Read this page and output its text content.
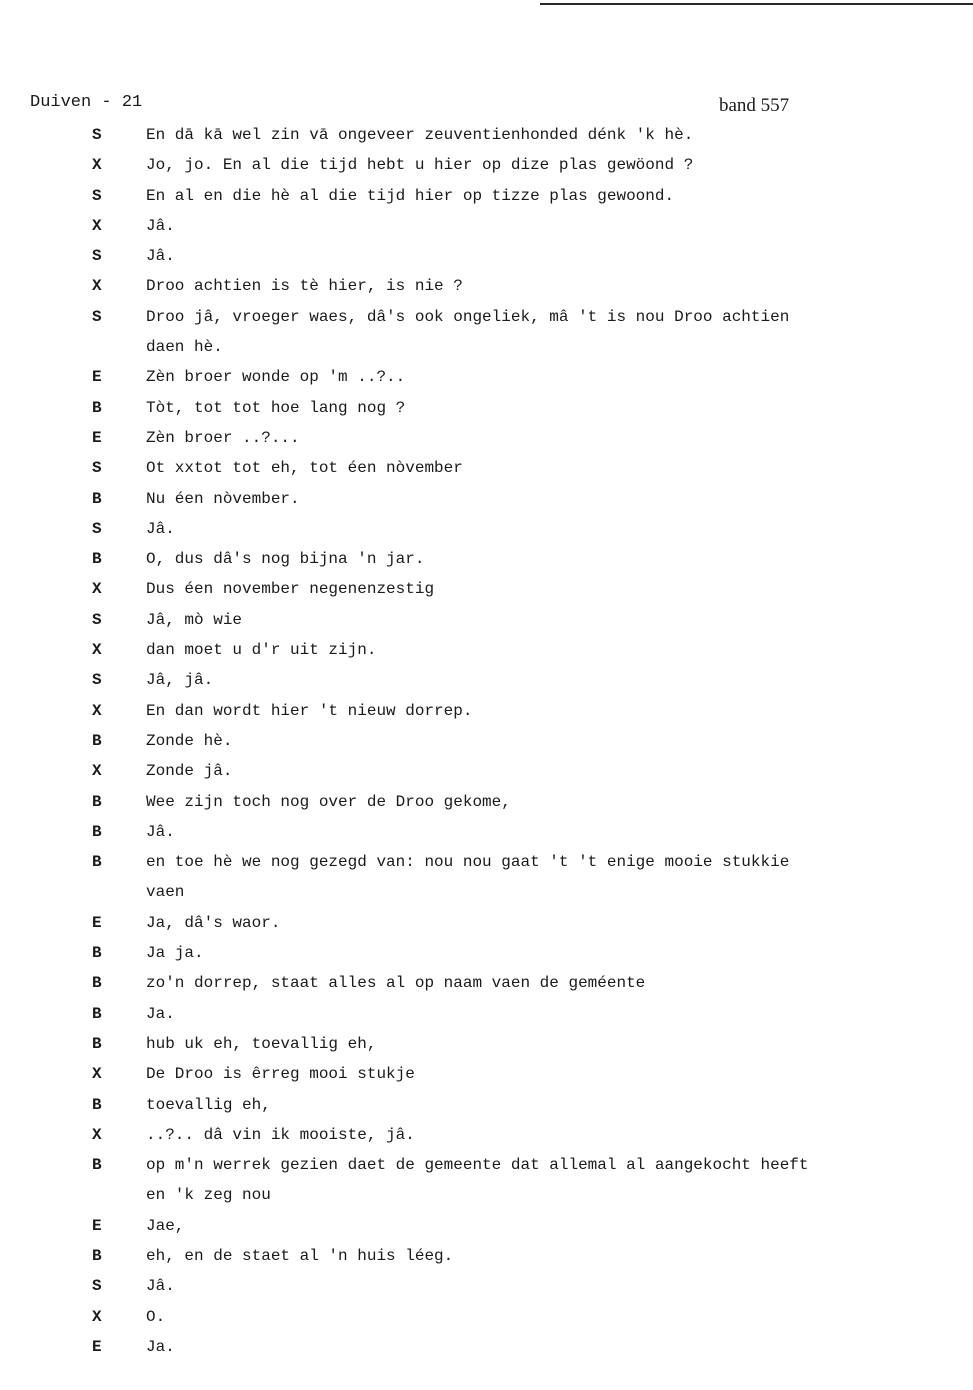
Duiven - 21	band 557
S	En dā kā wel zin vā ongeveer zeuventienhonded dénk 'k hè.
X	Jo, jo. En al die tijd hebt u hier op dize plas gewöond ?
S	En al en die hè al die tijd hier op tizze plas gewoond.
X	Jâ.
S	Jâ.
X	Droo achtien is tè hier, is nie ?
S	Droo jâ, vroeger waes, dâ's ook ongeliek, mâ 't is nou Droo achtien
daen hè.
E	Zèn broer wonde op 'm ..?..
B	Tòt, tot tot hoe lang nog ?
E	Zèn broer ..?...
S	Ot xxtot tot eh, tot éen nòvember
B	Nu éen nòvember.
S	Jâ.
B	O, dus dâ's nog bijna 'n jar.
X	Dus éen november negenenzestig
S	Jâ, mò wie
X	dan moet u d'r uit zijn.
S	Jâ, jâ.
X	En dan wordt hier 't nieuw dorrep.
B	Zonde hè.
X	Zonde jâ.
B	Wee zijn toch nog over de Droo gekome,
B	Jâ.
B	en toe hè we nog gezegd van: nou nou gaat 't 't enige mooie stukkie
vaen
E	Ja, dâ's waor.
B	Ja ja.
B	zo'n dorrep, staat alles al op naam vaen de geméente
B	Ja.
B	hub uk eh, toevallig eh,
X	De Droo is êrreg mooi stukje
B	toevallig eh,
X	..?.. dâ vin ik mooiste, jâ.
B	op m'n werrek gezien daet de gemeente dat allemal al aangekocht heeft
en 'k zeg nou
E	Jae,
B	eh, en de staet al 'n huis léeg.
S	Jâ.
X	O.
E	Ja.
